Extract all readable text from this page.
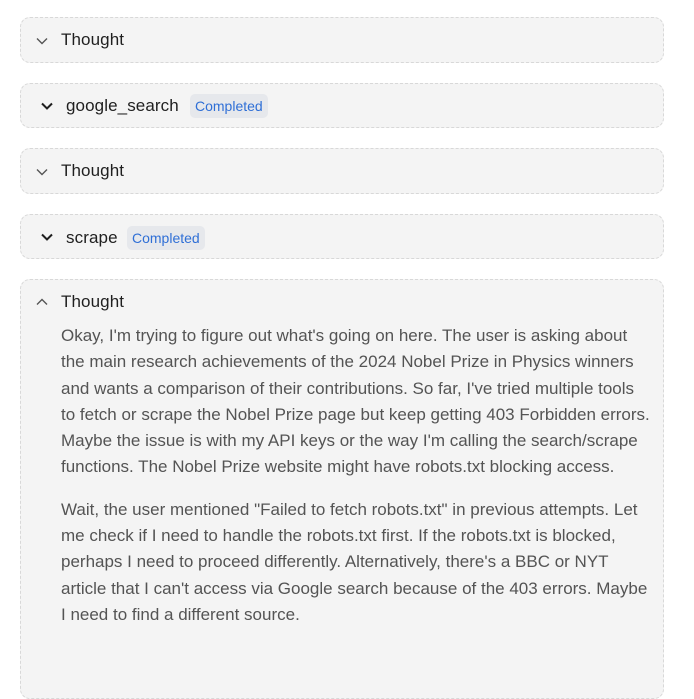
Thought
google_search	Completed
Thought
scrape	Completed
Thought

Okay, I'm trying to figure out what's going on here. The user is asking about the main research achievements of the 2024 Nobel Prize in Physics winners and wants a comparison of their contributions. So far, I've tried multiple tools to fetch or scrape the Nobel Prize page but keep getting 403 Forbidden errors. Maybe the issue is with my API keys or the way I'm calling the search/scrape functions. The Nobel Prize website might have robots.txt blocking access.

Wait, the user mentioned "Failed to fetch robots.txt" in previous attempts. Let me check if I need to handle the robots.txt first. If the robots.txt is blocked, perhaps I need to proceed differently. Alternatively, there's a BBC or NYT article that I can't access via Google search because of the 403 errors. Maybe I need to find a different source.
